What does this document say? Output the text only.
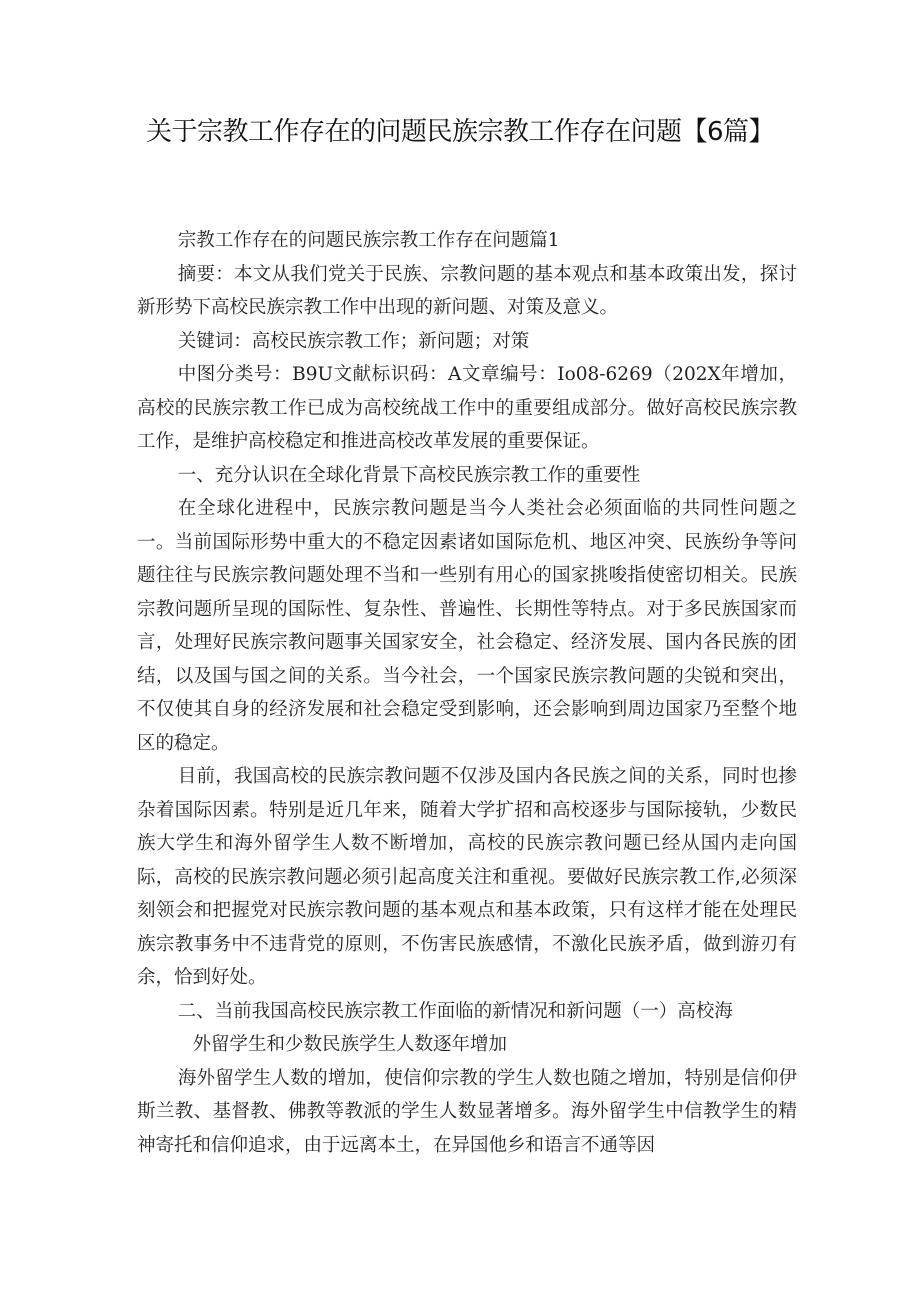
关于宗教工作存在的问题民族宗教工作存在问题【6篇】

宗教工作存在的问题民族宗教工作存在问题篇1

摘要：本文从我们党关于民族、宗教问题的基本观点和基本政策出发，探讨新形势下高校民族宗教工作中出现的新问题、对策及意义。

关键词：高校民族宗教工作；新问题；对策

中图分类号：B9U文献标识码：A文章编号：Io08-6269（202X年增加，高校的民族宗教工作已成为高校统战工作中的重要组成部分。做好高校民族宗教工作，是维护高校稳定和推进高校改革发展的重要保证。

一、充分认识在全球化背景下高校民族宗教工作的重要性

在全球化进程中，民族宗教问题是当今人类社会必须面临的共同性问题之一。当前国际形势中重大的不稳定因素诸如国际危机、地区冲突、民族纷争等问题往往与民族宗教问题处理不当和一些别有用心的国家挑唆指使密切相关。民族宗教问题所呈现的国际性、复杂性、普遍性、长期性等特点。对于多民族国家而言，处理好民族宗教问题事关国家安全，社会稳定、经济发展、国内各民族的团结，以及国与国之间的关系。当今社会，一个国家民族宗教问题的尖锐和突出，不仅使其自身的经济发展和社会稳定受到影响，还会影响到周边国家乃至整个地区的稳定。

目前，我国高校的民族宗教问题不仅涉及国内各民族之间的关系，同时也掺杂着国际因素。特别是近几年来，随着大学扩招和高校逐步与国际接轨，少数民族大学生和海外留学生人数不断增加，高校的民族宗教问题已经从国内走向国际，高校的民族宗教问题必须引起高度关注和重视。要做好民族宗教工作,必须深刻领会和把握党对民族宗教问题的基本观点和基本政策，只有这样才能在处理民族宗教事务中不违背党的原则，不伤害民族感情，不激化民族矛盾，做到游刃有余，恰到好处。

二、当前我国高校民族宗教工作面临的新情况和新问题（一）高校海

外留学生和少数民族学生人数逐年增加

海外留学生人数的增加，使信仰宗教的学生人数也随之增加，特别是信仰伊斯兰教、基督教、佛教等教派的学生人数显著增多。海外留学生中信教学生的精神寄托和信仰追求，由于远离本土，在异国他乡和语言不通等因
